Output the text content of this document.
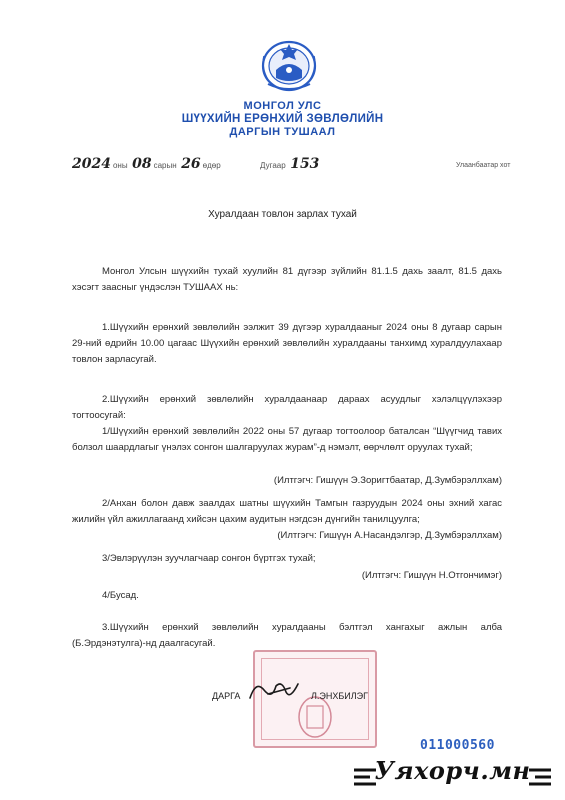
МОНГОЛ УЛС
ШҮҮХИЙН ЕРӨНХИЙ ЗӨВЛӨЛИЙН
ДАРГЫН ТУШААЛ
2024 оны 08 сарын 26 өдөр	Дугаар 153	Улаанбаатар хот
Хуралдаан товлон зарлах тухай
Монгол Улсын шүүхийн тухай хуулийн 81 дүгээр зүйлийн 81.1.5 дахь заалт, 81.5 дахь хэсэгт заасныг үндэслэн ТУШААХ нь:
1.Шүүхийн ерөнхий зөвлөлийн ээлжит 39 дүгээр хуралдааныг 2024 оны 8 дугаар сарын 29-ний өдрийн 10.00 цагаас Шүүхийн ерөнхий зөвлөлийн хуралдааны танхимд хуралдуулахаар товлон зарласугай.
2.Шүүхийн ерөнхий зөвлөлийн хуралдаанаар дараах асуудлыг хэлэлцүүлэхээр тогтоосугай:
1/Шүүхийн ерөнхий зөвлөлийн 2022 оны 57 дугаар тогтоолоор баталсан “Шүүгчид тавих болзол шаардлагыг үнэлэх сонгон шалгаруулах журам”-д нэмэлт, өөрчлөлт оруулах тухай;
(Илтгэгч: Гишүүн Э.Зоригтбаатар, Д.Зумбэрэллхам)
2/Анхан болон давж заалдах шатны шүүхийн Тамгын газруудын 2024 оны эхний хагас жилийн үйл ажиллагаанд хийсэн цахим аудитын нэгдсэн дүнгийн танилцуулга;
(Илтгэгч: Гишүүн А.Насандэлгэр, Д.Зумбэрэллхам)
3/Эвлэрүүлэн зуучлагчаар сонгон бүртгэх тухай;
(Илтгэгч: Гишүүн Н.Отгончимэг)
4/Бусад.
3.Шүүхийн ерөнхий зөвлөлийн хуралдааны бэлтгэл хангахыг ажлын алба (Б.Эрдэнэтулга)-нд даалгасугай.
ДАРГА	Л.ЭНХБИЛЭГ
011000560
Уяхорч.мн
